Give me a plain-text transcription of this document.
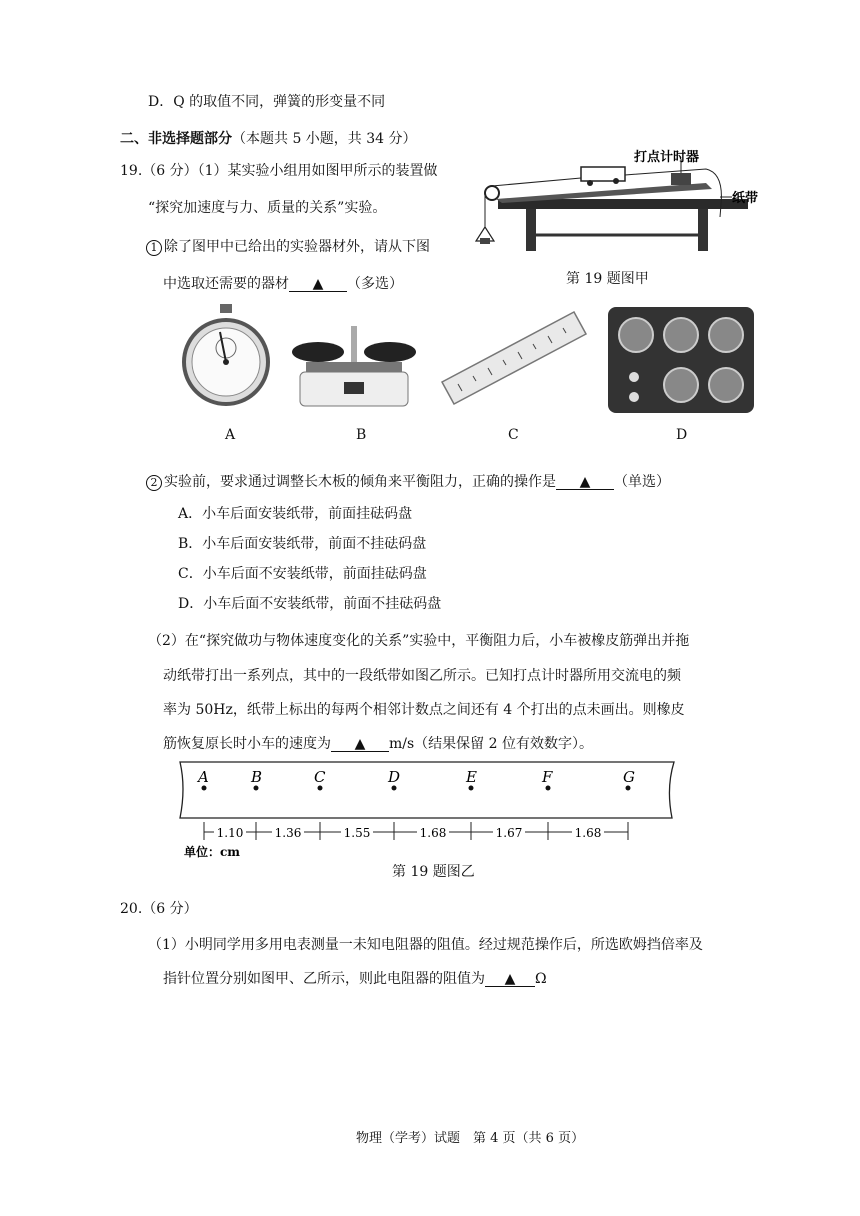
D．Q 的取值不同，弹簧的形变量不同
二、非选择题部分（本题共 5 小题，共 34 分）
19.（6 分）（1）某实验小组用如图甲所示的装置做
“探究加速度与力、质量的关系”实验。
1 除了图甲中已给出的实验器材外，请从下图
中选取还需要的器材 ▲ （多选）
打点计时器
纸带
第 19 题图甲
A	B	C	D
2 实验前，要求通过调整长木板的倾角来平衡阻力，正确的操作是 ▲ （单选）
A．小车后面安装纸带，前面挂砝码盘
B．小车后面安装纸带，前面不挂砝码盘
C．小车后面不安装纸带，前面挂砝码盘
D．小车后面不安装纸带，前面不挂砝码盘
（2）在“探究做功与物体速度变化的关系”实验中，平衡阻力后，小车被橡皮筋弹出并拖
动纸带打出一系列点，其中的一段纸带如图乙所示。已知打点计时器所用交流电的频
率为 50Hz，纸带上标出的每两个相邻计数点之间还有 4 个打出的点未画出。则橡皮
筋恢复原长时小车的速度为 ▲ m/s（结果保留 2 位有效数字）。
A	B	C	D	E	F	G
1.10	1.36	1.55	1.68	1.67	1.68
单位：cm
第 19 题图乙
20.（6 分）
（1）小明同学用多用电表测量一未知电阻器的阻值。经过规范操作后，所选欧姆挡倍率及
指针位置分别如图甲、乙所示，则此电阻器的阻值为 ▲ Ω
物理（学考）试题　第 4 页（共 6 页）
